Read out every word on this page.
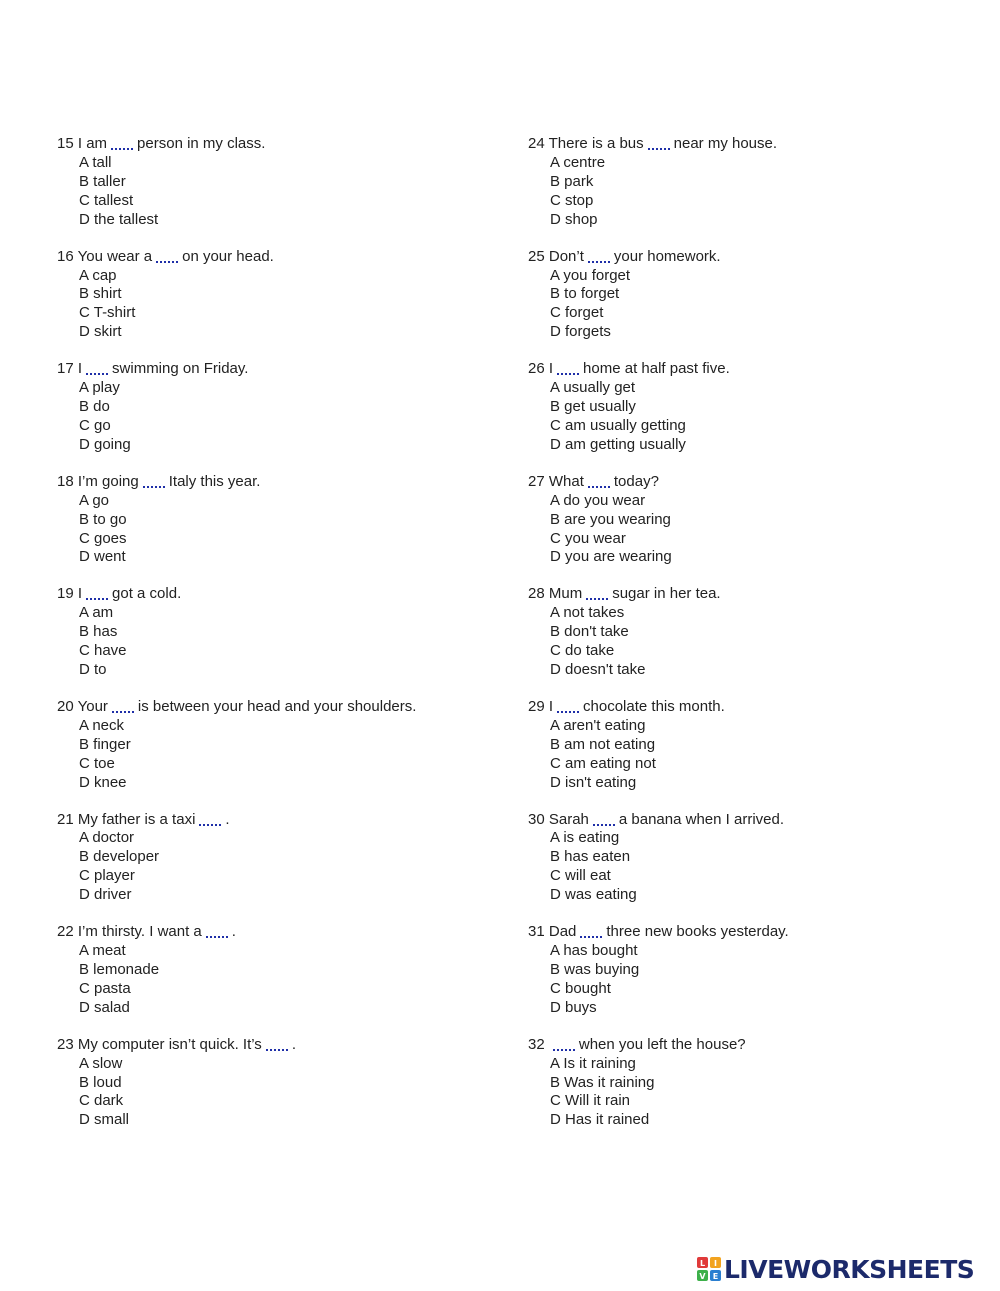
15 I am person in my class.
A tall
B taller
C tallest
D the tallest
16 You wear a on your head.
A cap
B shirt
C T-shirt
D skirt
17 I swimming on Friday.
A play
B do
C go
D going
18 I’m going Italy this year.
A go
B to go
C goes
D went
19 I got a cold.
A am
B has
C have
D to
20 Your is between your head and your shoulders.
A neck
B finger
C toe
D knee
21 My father is a taxi .
A doctor
B developer
C player
D driver
22 I’m thirsty. I want a .
A meat
B lemonade
C pasta
D salad
23 My computer isn’t quick. It’s .
A slow
B loud
C dark
D small
24 There is a bus near my house.
A centre
B park
C stop
D shop
25 Don’t your homework.
A you forget
B to forget
C forget
D forgets
26 I home at half past five.
A usually get
B get usually
C am usually getting
D am getting usually
27 What today?
A do you wear
B are you wearing
C you wear
D you are wearing
28 Mum sugar in her tea.
A not takes
B don't take
C do take
D doesn't take
29 I chocolate this month.
A aren't eating
B am not eating
C am eating not
D isn't eating
30 Sarah a banana when I arrived.
A is eating
B has eaten
C will eat
D was eating
31 Dad three new books yesterday.
A has bought
B was buying
C bought
D buys
32 when you left the house?
A Is it raining
B Was it raining
C Will it rain
D Has it rained
L I
V E LIVEWORKSHEETS
